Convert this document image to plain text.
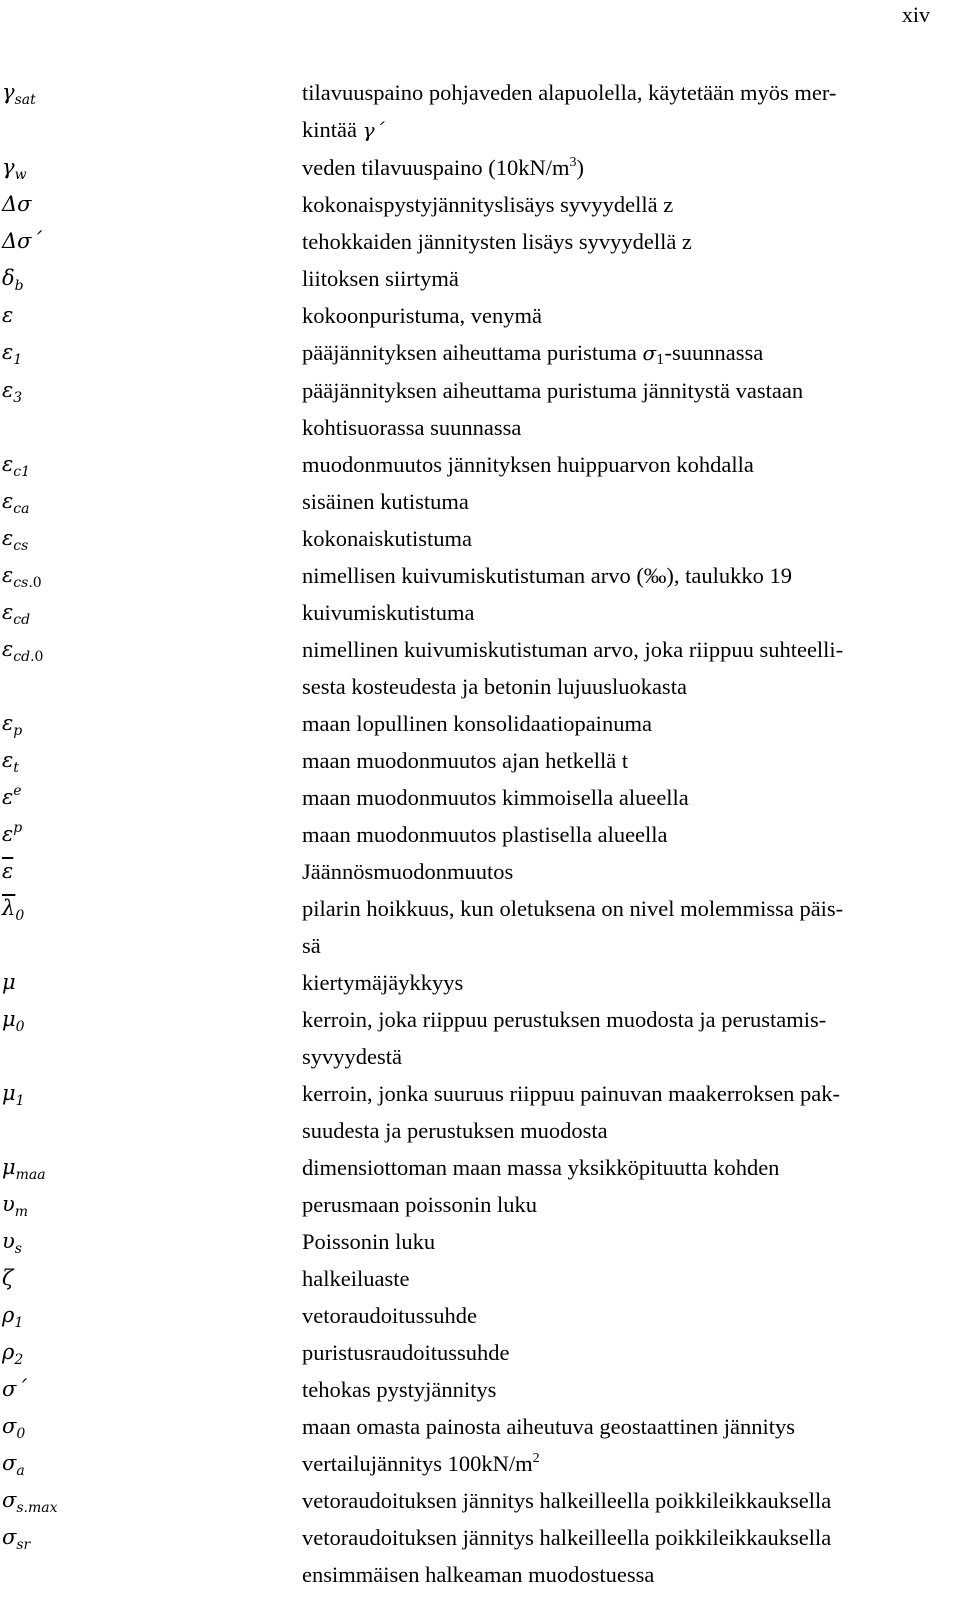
xiv
$\gamma_{sat}$	tilavuuspaino pohjaveden alapuolella, käytetään myös mer-
kintää γ´
$\gamma_w$	veden tilavuuspaino $(10kN/m^3)$
Δσ	kokonaispystyjännityslisäys syvyydellä z
Δσ´	tehokkaiden jännitysten lisäys syvyydellä z
$\delta_b$	liitoksen siirtymä
ε	kokoonpuristuma, venymä
$\varepsilon_1$	pääjännityksen aiheuttama puristuma $\sigma_1$-suunnassa
$\varepsilon_3$	pääjännityksen aiheuttama puristuma jännitystä vastaan
kohtisuorassa suunnassa
$\varepsilon_{c1}$	muodonmuutos jännityksen huippuarvon kohdalla
$\varepsilon_{ca}$	sisäinen kutistuma
$\varepsilon_{cs}$	kokonaiskutistuma
$\varepsilon_{cs.0}$	nimellisen kuivumiskutistuman arvo (‰), taulukko 19
$\varepsilon_{cd}$	kuivumiskutistuma
$\varepsilon_{cd.0}$	nimellinen kuivumiskutistuman arvo, joka riippuu suhteelli-
sesta kosteudesta ja betonin lujuusluokasta
$\varepsilon_p$	maan lopullinen konsolidaatiopainuma
$\varepsilon_t$	maan muodonmuutos ajan hetkellä t
$\varepsilon^e$	maan muodonmuutos kimmoisella alueella
$\varepsilon^p$	maan muodonmuutos plastisella alueella
$\overline{\varepsilon}$	Jäännösmuodonmuutos
$\overline{\lambda}_0$	pilarin hoikkuus, kun oletuksena on nivel molemmissa päis-
sä
μ	kiertymäjäykkyys
$\mu_0$	kerroin, joka riippuu perustuksen muodosta ja perustamis-
syvyydestä
$\mu_1$	kerroin, jonka suuruus riippuu painuvan maakerroksen pak-
suudesta ja perustuksen muodosta
$\mu_{maa}$	dimensiottoman maan massa yksikköpituutta kohden
$\upsilon_m$	perusmaan poissonin luku
$\upsilon_s$	Poissonin luku
ζ	halkeiluaste
$\rho_1$	vetoraudoitussuhde
$\rho_2$	puristusraudoitussuhde
σ´	tehokas pystyjännitys
$\sigma_0$	maan omasta painosta aiheutuva geostaattinen jännitys
$\sigma_a$	vertailujännitys $100kN/m^2$
$\sigma_{s.max}$	vetoraudoituksen jännitys halkeilleella poikkileikkauksella
$\sigma_{sr}$	vetoraudoituksen jännitys halkeilleella poikkileikkauksella
ensimmäisen halkeaman muodostuessa
